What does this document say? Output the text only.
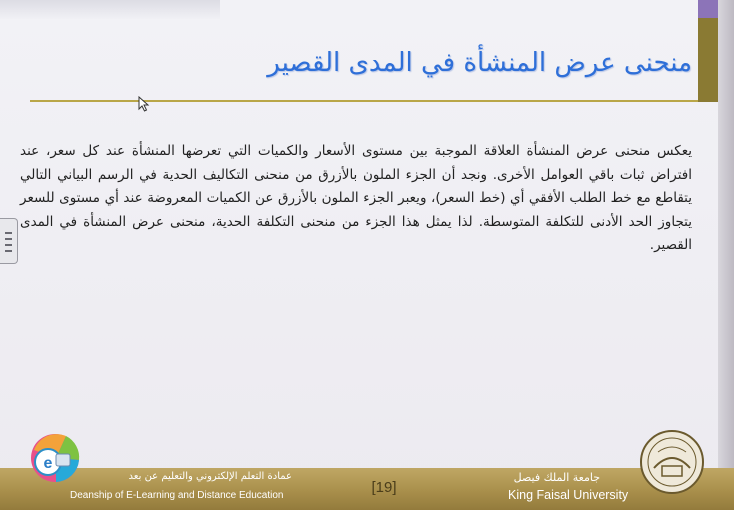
منحنى عرض المنشأة في المدى القصير

يعكس منحنى عرض المنشأة العلاقة الموجبة بين مستوى الأسعار والكميات التي تعرضها المنشأة عند كل سعر، عند افتراض ثبات باقي العوامل الأخرى. ونجد أن الجزء الملون بالأزرق من منحنى التكاليف الحدية في الرسم البياني التالي يتقاطع مع خط الطلب الأفقي أي (خط السعر)، ويعبر الجزء الملون بالأزرق عن الكميات المعروضة عند أي مستوى للسعر يتجاوز الحد الأدنى للتكلفة المتوسطة. لذا يمثل هذا الجزء من منحنى التكلفة الحدية، منحنى عرض المنشأة في المدى القصير.

عمادة التعلم الإلكتروني والتعليم عن بعد

Deanship of E-Learning and Distance Education	[19]

جامعة الملك فيصل

King Faisal University

e
